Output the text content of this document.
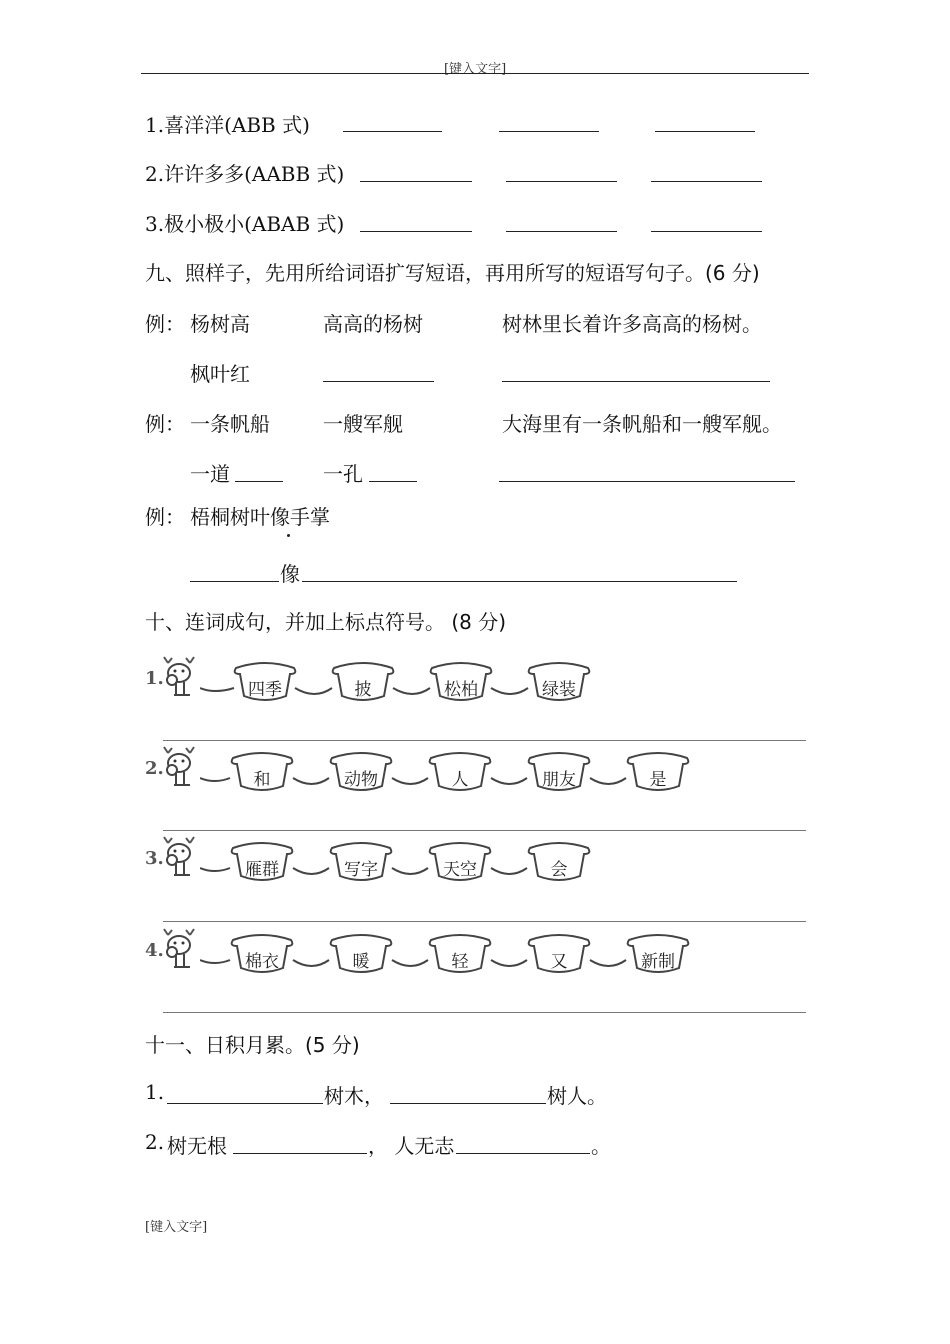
[键入文字]
1.喜洋洋(ABB 式)
2.许许多多(AABB 式)
3.极小极小(ABAB 式)
九、照样子，先用所给词语扩写短语，再用所写的短语写句子。(6 分)
例： 杨树高	高高的杨树	树林里长着许多高高的杨树。
枫叶红
例： 一条帆船	一艘军舰	大海里有一条帆船和一艘军舰。
一道	一孔
例： 梧桐树叶像手掌
像
十、连词成句，并加上标点符号。 (8 分)
1.
四季	披	松柏	绿装
2.
和	动物	人	朋友	是
3.
雁群	写字	天空	会
4.
棉衣	暖	轻	又	新制
十一、日积月累。(5 分)
1.	树木，	树人。
2. 树无根	， 人无志	。
[键入文字]
